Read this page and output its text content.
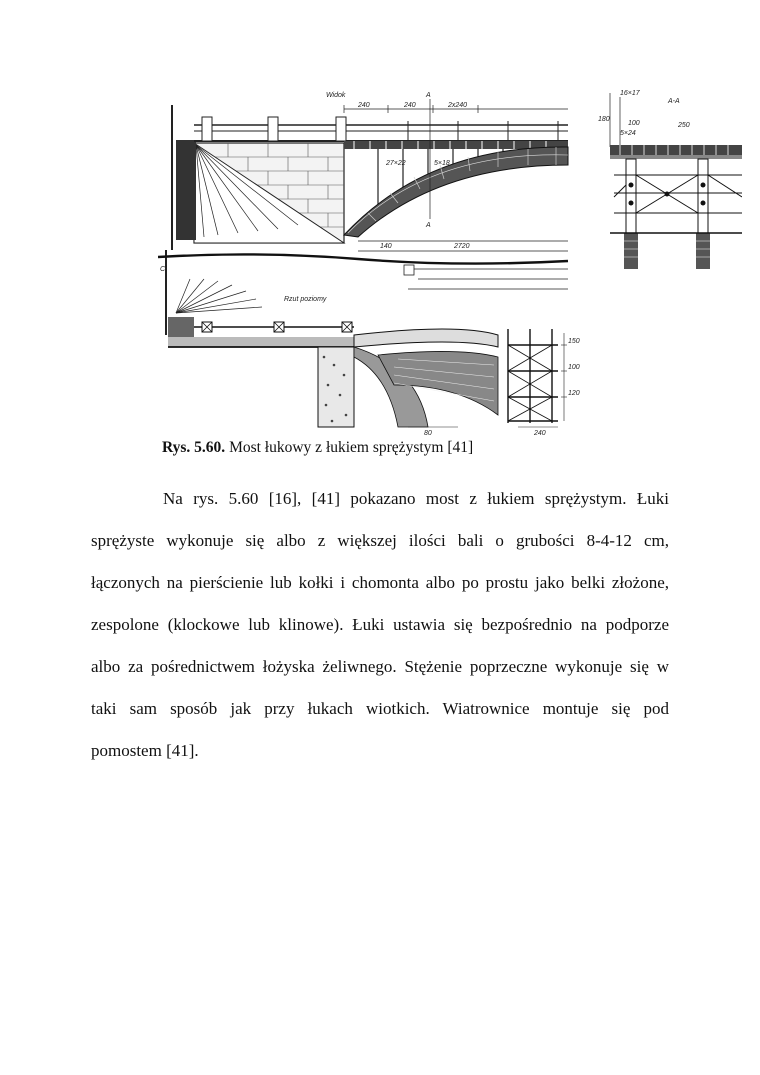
Widok
240	240	2x240
A
A
27×22	5×18
140	2720
C
Rzut poziomy
150
100
120
240
80
A-A
16×17
5×24
180
100	250
Rys. 5.60. Most łukowy z łukiem sprężystym [41]
Na rys. 5.60 [16], [41] pokazano most z łukiem sprężystym. Łuki
sprężyste wykonuje się albo z większej ilości bali o grubości 8-4-12 cm,
łączonych na pierścienie lub kołki i chomonta albo po prostu jako belki złożone,
zespolone (klockowe lub klinowe). Łuki ustawia się bezpośrednio na podporze
albo za pośrednictwem łożyska żeliwnego. Stężenie poprzeczne wykonuje się w
taki sam sposób jak przy łukach wiotkich. Wiatrownice montuje się pod
pomostem [41].
